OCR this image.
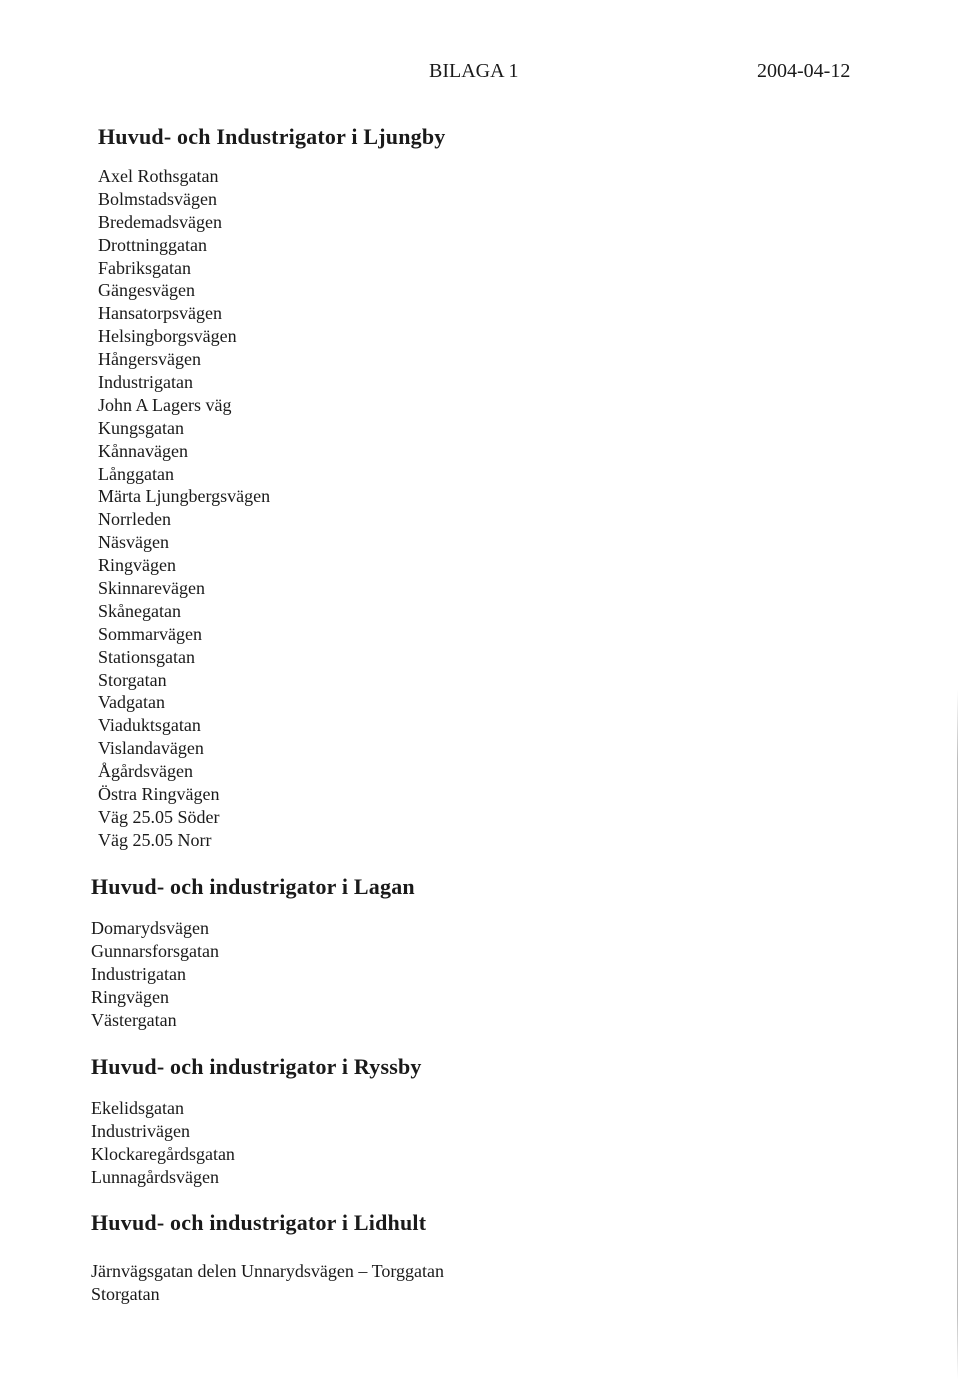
BILAGA 1	2004-04-12
Huvud- och Industrigator i Ljungby
Axel Rothsgatan
Bolmstadsvägen
Bredemadsvägen
Drottninggatan
Fabriksgatan
Gängesvägen
Hansatorpsvägen
Helsingborgsvägen
Hångersvägen
Industrigatan
John A Lagers väg
Kungsgatan
Kånnavägen
Långgatan
Märta Ljungbergsvägen
Norrleden
Näsvägen
Ringvägen
Skinnarevägen
Skånegatan
Sommarvägen
Stationsgatan
Storgatan
Vadgatan
Viaduktsgatan
Vislandavägen
Ågårdsvägen
Östra Ringvägen
Väg 25.05 Söder
Väg 25.05 Norr
Huvud- och industrigator i Lagan
Domarydsvägen
Gunnarsforsgatan
Industrigatan
Ringvägen
Västergatan
Huvud- och industrigator i Ryssby
Ekelidsgatan
Industrivägen
Klockaregårdsgatan
Lunnagårdsvägen
Huvud- och industrigator i Lidhult
Järnvägsgatan delen Unnarydsvägen – Torggatan
Storgatan
